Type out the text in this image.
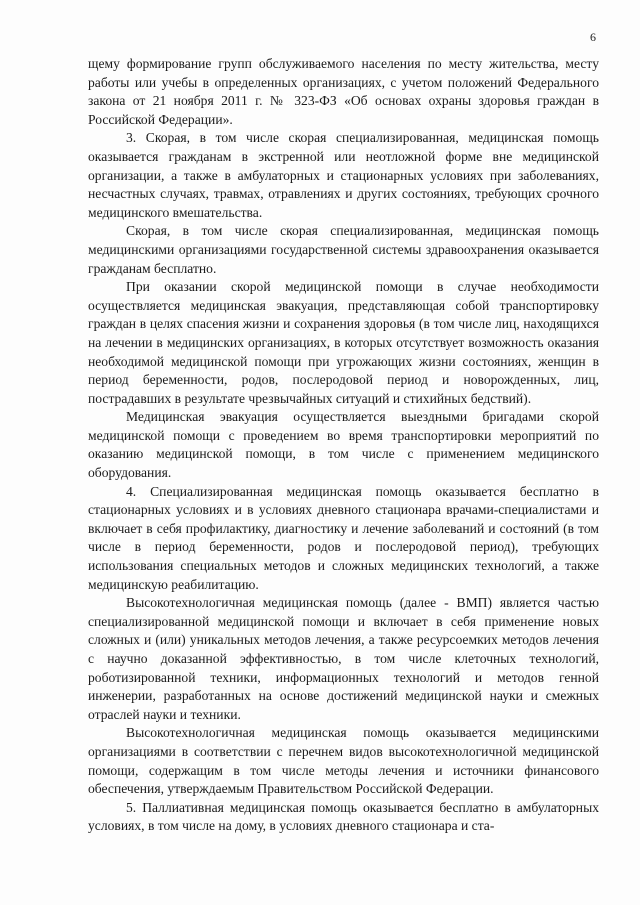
6

щему формирование групп обслуживаемого населения по месту жительства, месту работы или учебы в определенных организациях, с учетом положений Федерального закона от 21 ноября 2011 г. № 323-ФЗ «Об основах охраны здоровья граждан в Российской Федерации».

3. Скорая, в том числе скорая специализированная, медицинская помощь оказывается гражданам в экстренной или неотложной форме вне медицинской организации, а также в амбулаторных и стационарных условиях при заболеваниях, несчастных случаях, травмах, отравлениях и других состояниях, требующих срочного медицинского вмешательства.

Скорая, в том числе скорая специализированная, медицинская помощь медицинскими организациями государственной системы здравоохранения оказывается гражданам бесплатно.

При оказании скорой медицинской помощи в случае необходимости осуществляется медицинская эвакуация, представляющая собой транспортировку граждан в целях спасения жизни и сохранения здоровья (в том числе лиц, находящихся на лечении в медицинских организациях, в которых отсутствует возможность оказания необходимой медицинской помощи при угрожающих жизни состояниях, женщин в период беременности, родов, послеродовой период и новорожденных, лиц, пострадавших в результате чрезвычайных ситуаций и стихийных бедствий).

Медицинская эвакуация осуществляется выездными бригадами скорой медицинской помощи с проведением во время транспортировки мероприятий по оказанию медицинской помощи, в том числе с применением медицинского оборудования.

4. Специализированная медицинская помощь оказывается бесплатно в стационарных условиях и в условиях дневного стационара врачами-специалистами и включает в себя профилактику, диагностику и лечение заболеваний и состояний (в том числе в период беременности, родов и послеродовой период), требующих использования специальных методов и сложных медицинских технологий, а также медицинскую реабилитацию.

Высокотехнологичная медицинская помощь (далее - ВМП) является частью специализированной медицинской помощи и включает в себя применение новых сложных и (или) уникальных методов лечения, а также ресурсоемких методов лечения с научно доказанной эффективностью, в том числе клеточных технологий, роботизированной техники, информационных технологий и методов генной инженерии, разработанных на основе достижений медицинской науки и смежных отраслей науки и техники.

Высокотехнологичная медицинская помощь оказывается медицинскими организациями в соответствии с перечнем видов высокотехнологичной медицинской помощи, содержащим в том числе методы лечения и источники финансового обеспечения, утверждаемым Правительством Российской Федерации.

5. Паллиативная медицинская помощь оказывается бесплатно в амбулаторных условиях, в том числе на дому, в условиях дневного стационара и ста-
